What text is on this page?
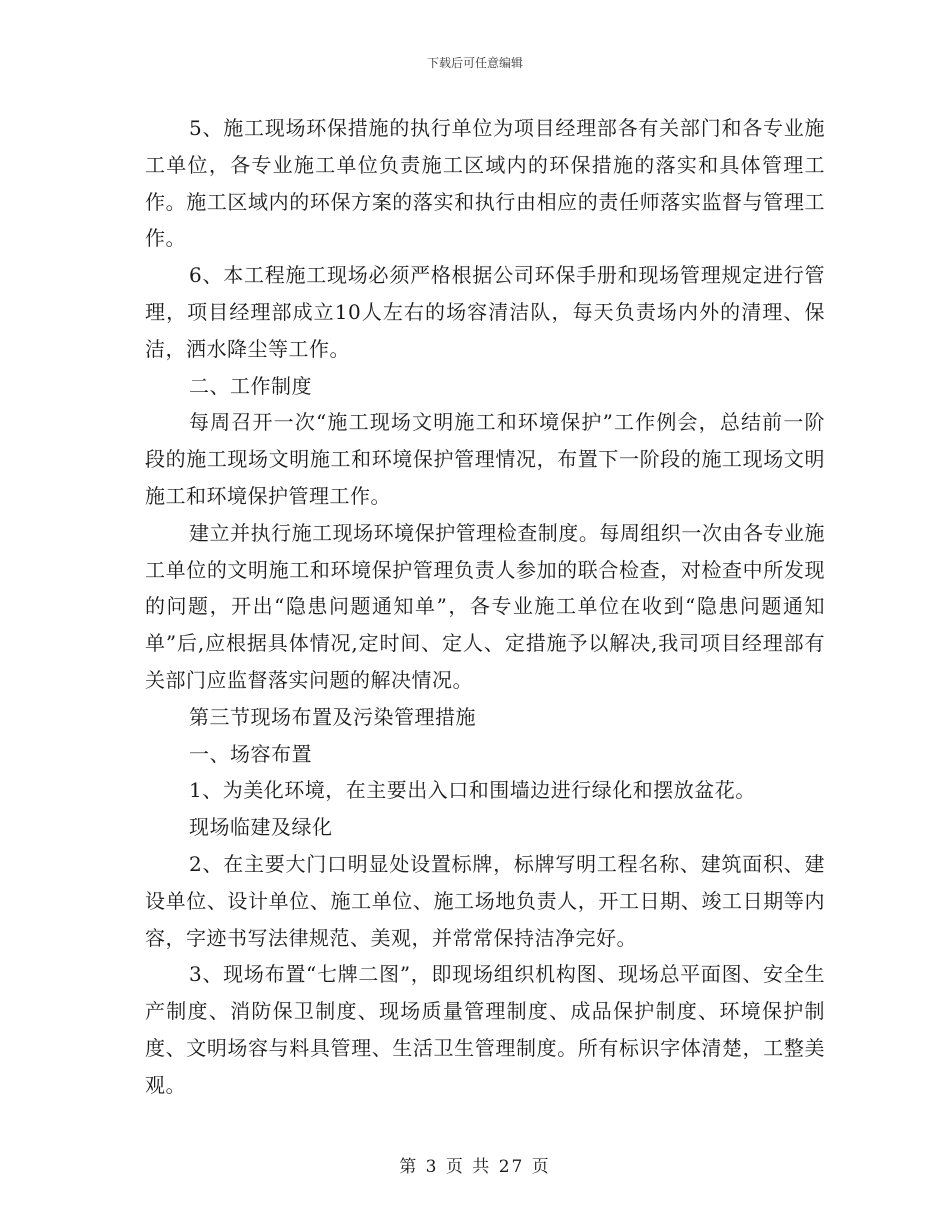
下载后可任意编辑

5、施工现场环保措施的执行单位为项目经理部各有关部门和各专业施工单位，各专业施工单位负责施工区域内的环保措施的落实和具体管理工作。施工区域内的环保方案的落实和执行由相应的责任师落实监督与管理工作。

6、本工程施工现场必须严格根据公司环保手册和现场管理规定进行管理，项目经理部成立10人左右的场容清洁队，每天负责场内外的清理、保洁，洒水降尘等工作。

二、工作制度

每周召开一次“施工现场文明施工和环境保护”工作例会，总结前一阶段的施工现场文明施工和环境保护管理情况，布置下一阶段的施工现场文明施工和环境保护管理工作。

建立并执行施工现场环境保护管理检查制度。每周组织一次由各专业施工单位的文明施工和环境保护管理负责人参加的联合检查，对检查中所发现的问题，开出“隐患问题通知单”，各专业施工单位在收到“隐患问题通知单”后,应根据具体情况,定时间、定人、定措施予以解决,我司项目经理部有关部门应监督落实问题的解决情况。

第三节现场布置及污染管理措施

一、场容布置

1、为美化环境，在主要出入口和围墙边进行绿化和摆放盆花。

现场临建及绿化

2、在主要大门口明显处设置标牌，标牌写明工程名称、建筑面积、建设单位、设计单位、施工单位、施工场地负责人，开工日期、竣工日期等内容，字迹书写法律规范、美观，并常常保持洁净完好。

3、现场布置“七牌二图”，即现场组织机构图、现场总平面图、安全生产制度、消防保卫制度、现场质量管理制度、成品保护制度、环境保护制度、文明场容与料具管理、生活卫生管理制度。所有标识字体清楚，工整美观。

第 3 页 共 27 页
